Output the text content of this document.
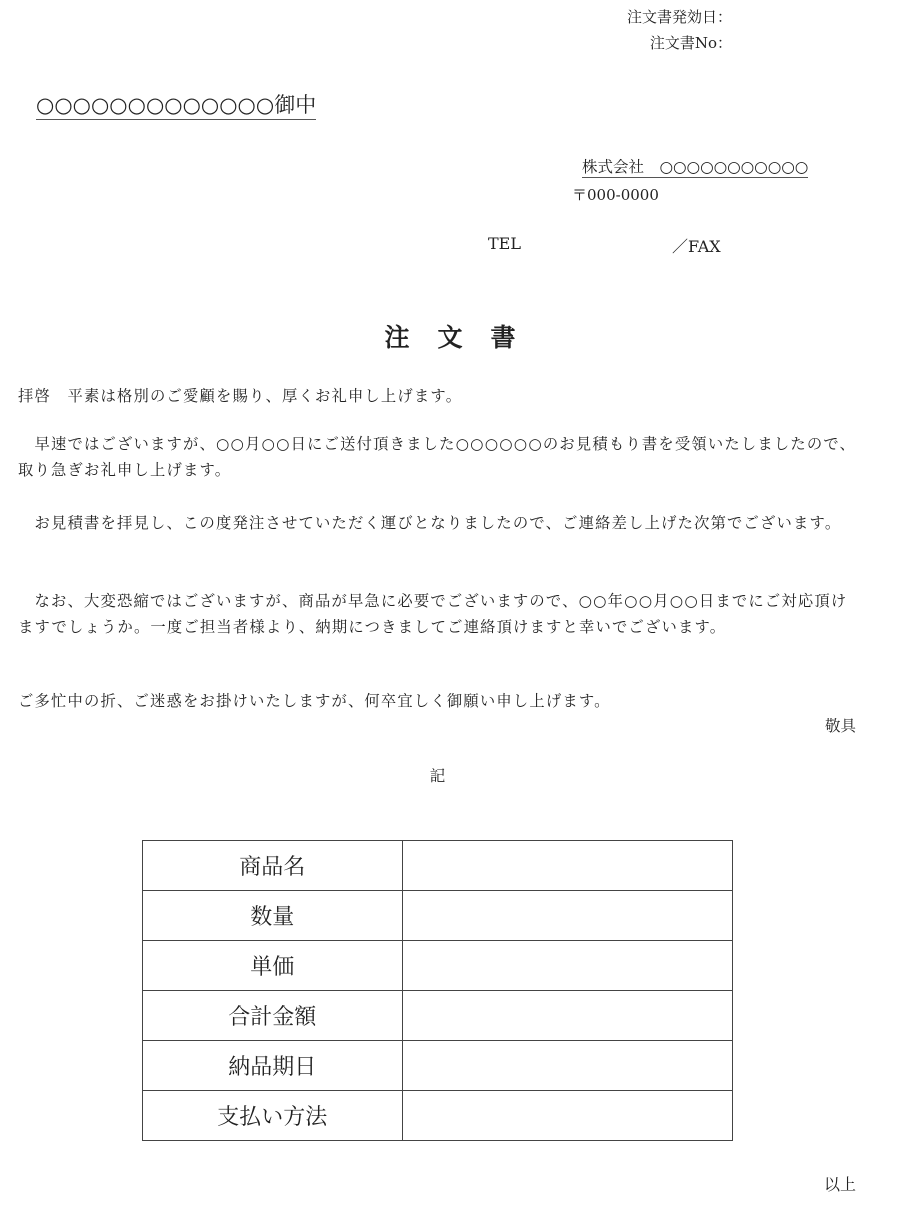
注文書発効日：
注文書No：
○○○○○○○○○○○○○御中
株式会社　○○○○○○○○○○○
〒000-0000
TEL	／FAX
注文書
拝啓　平素は格別のご愛顧を賜り、厚くお礼申し上げます。
　早速ではございますが、○○月○○日にご送付頂きました○○○○○○のお見積もり書を受領いたしましたので、取り急ぎお礼申し上げます。
　お見積書を拝見し、この度発注させていただく運びとなりましたので、ご連絡差し上げた次第でございます。
　なお、大変恐縮ではございますが、商品が早急に必要でございますので、○○年○○月○○日までにご対応頂けますでしょうか。一度ご担当者様より、納期につきましてご連絡頂けますと幸いでございます。
ご多忙中の折、ご迷惑をお掛けいたしますが、何卒宜しく御願い申し上げます。
敬具
記
商品名	
数量	
単価	
合計金額	
納品期日	
支払い方法	
以上
